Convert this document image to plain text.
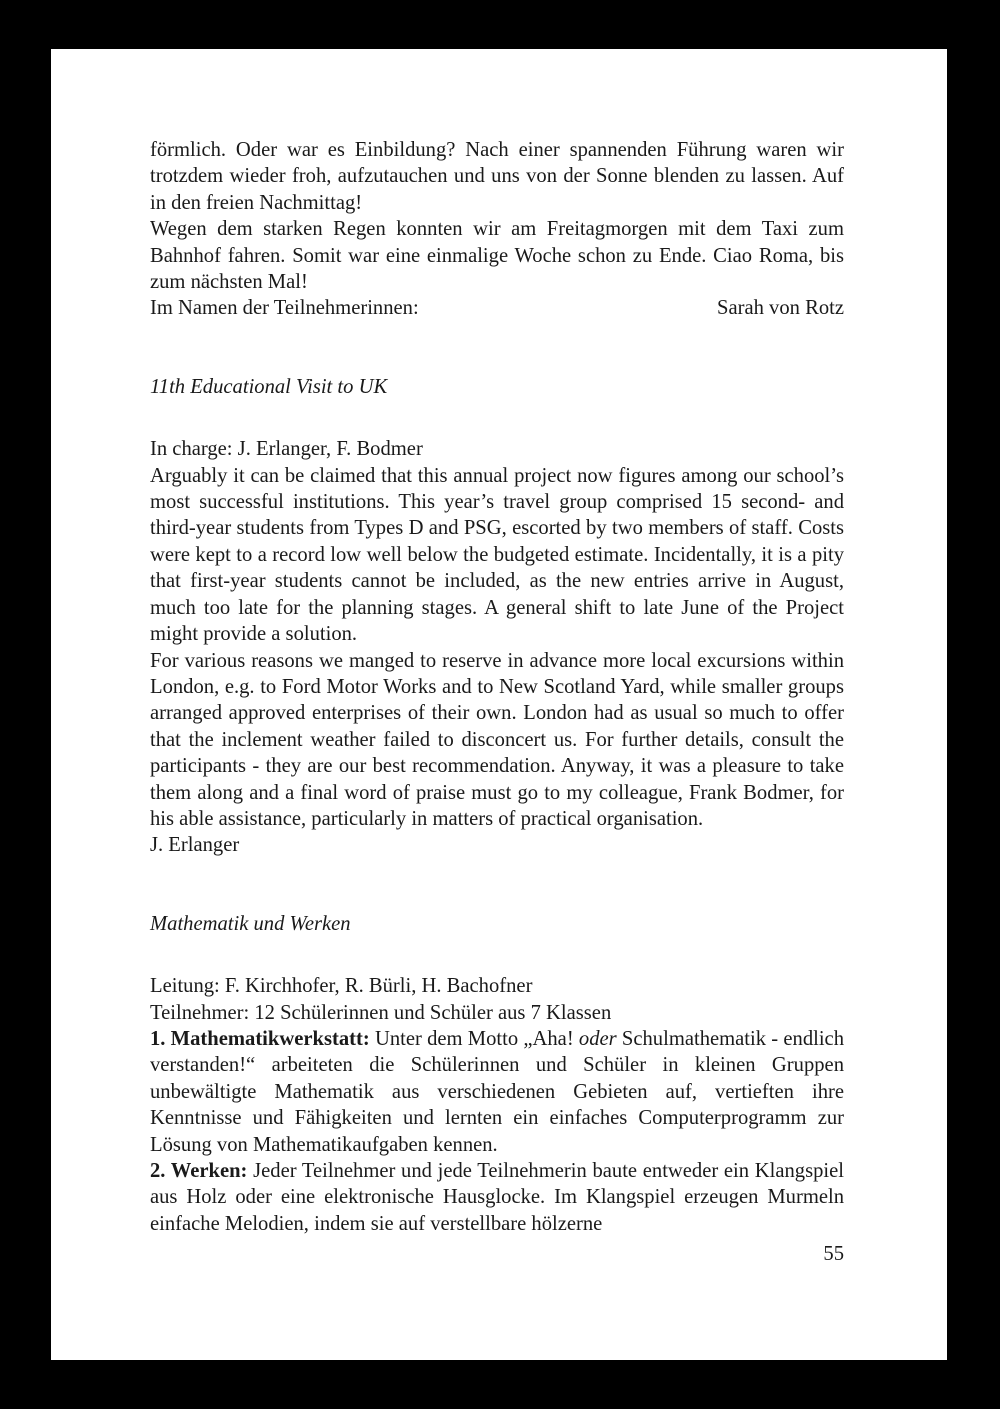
förmlich. Oder war es Einbildung? Nach einer spannenden Führung waren wir trotzdem wieder froh, aufzutauchen und uns von der Sonne blenden zu lassen. Auf in den freien Nachmittag!

Wegen dem starken Regen konnten wir am Freitagmorgen mit dem Taxi zum Bahnhof fahren. Somit war eine einmalige Woche schon zu Ende. Ciao Roma, bis zum nächsten Mal!

Im Namen der Teilnehmerinnen:	Sarah von Rotz

11th Educational Visit to UK

In charge: J. Erlanger, F. Bodmer

Arguably it can be claimed that this annual project now figures among our school’s most successful institutions. This year’s travel group comprised 15 second- and third-year students from Types D and PSG, escorted by two members of staff. Costs were kept to a record low well below the budgeted estimate. Incidentally, it is a pity that first-year students cannot be included, as the new entries arrive in August, much too late for the planning stages. A general shift to late June of the Project might provide a solution.

For various reasons we manged to reserve in advance more local excursions within London, e.g. to Ford Motor Works and to New Scotland Yard, while smaller groups arranged approved enterprises of their own. London had as usual so much to offer that the inclement weather failed to disconcert us. For further details, consult the participants - they are our best recommendation. Anyway, it was a pleasure to take them along and a final word of praise must go to my colleague, Frank Bodmer, for his able assistance, particularly in matters of practical organisation.

J. Erlanger

Mathematik und Werken

Leitung: F. Kirchhofer, R. Bürli, H. Bachofner

Teilnehmer: 12 Schülerinnen und Schüler aus 7 Klassen

1. Mathematikwerkstatt: Unter dem Motto „Aha! oder Schulmathematik - endlich verstanden!“ arbeiteten die Schülerinnen und Schüler in kleinen Gruppen unbewältigte Mathematik aus verschiedenen Gebieten auf, vertieften ihre Kenntnisse und Fähigkeiten und lernten ein einfaches Computerprogramm zur Lösung von Mathematikaufgaben kennen.

2. Werken: Jeder Teilnehmer und jede Teilnehmerin baute entweder ein Klangspiel aus Holz oder eine elektronische Hausglocke. Im Klangspiel erzeugen Murmeln einfache Melodien, indem sie auf verstellbare hölzerne

55
